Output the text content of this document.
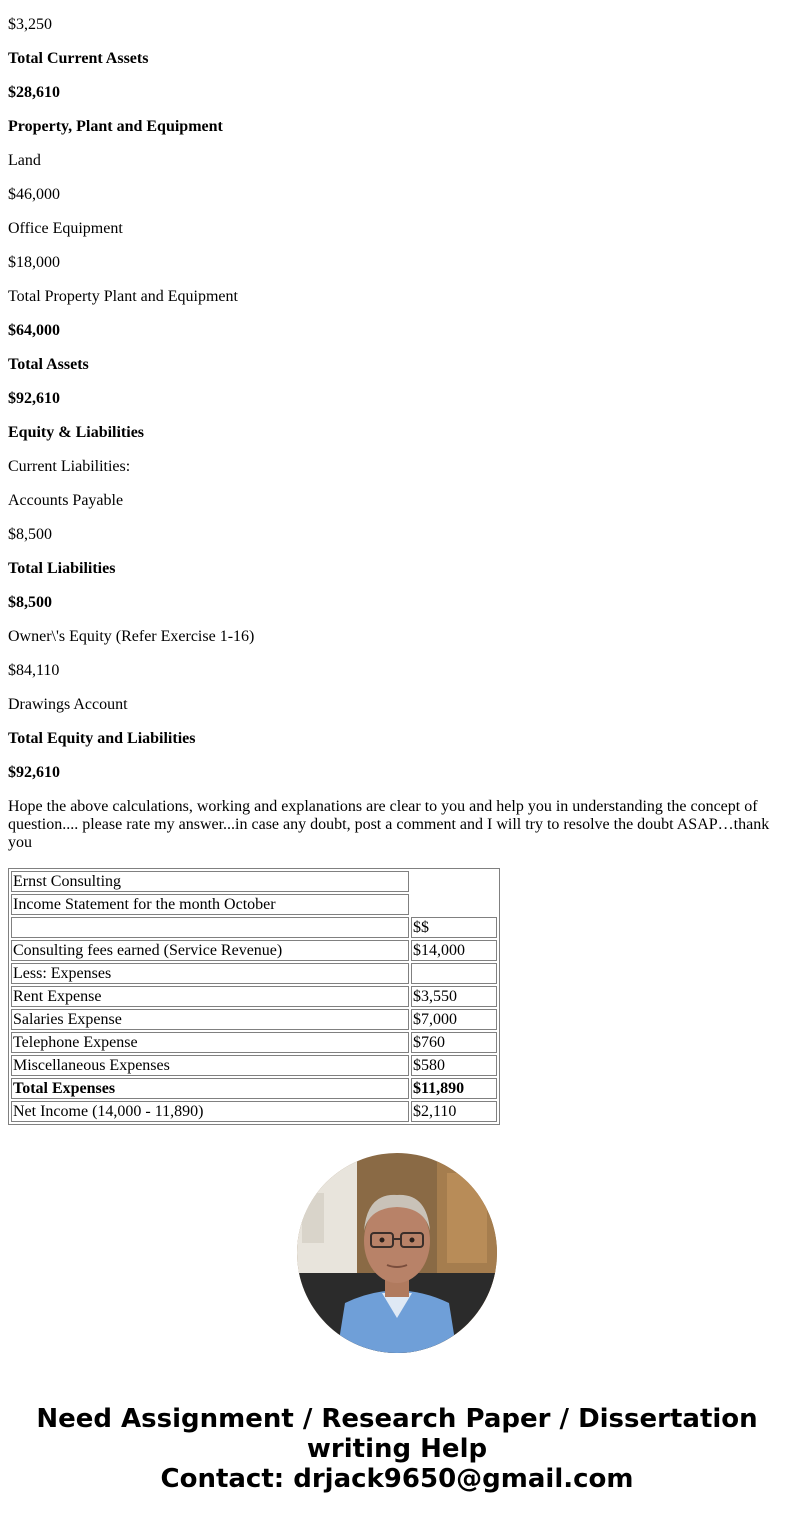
$3,250

Total Current Assets

$28,610

Property, Plant and Equipment

Land

$46,000

Office Equipment

$18,000

Total Property Plant and Equipment

$64,000

Total Assets

$92,610

Equity & Liabilities

Current Liabilities:

Accounts Payable

$8,500

Total Liabilities

$8,500

Owner\'s Equity (Refer Exercise 1-16)

$84,110

Drawings Account

Total Equity and Liabilities

$92,610

Hope the above calculations, working and explanations are clear to you and help you in understanding the concept of question.... please rate my answer...in case any doubt, post a comment and I will try to resolve the doubt ASAP…thank you

Ernst Consulting	
Income Statement for the month October	
	$$
Consulting fees earned (Service Revenue)	$14,000
Less: Expenses	
Rent Expense	$3,550
Salaries Expense	$7,000
Telephone Expense	$760
Miscellaneous Expenses	$580
Total Expenses	$11,890
Net Income (14,000 - 11,890)	$2,110
Need Assignment / Research Paper / Dissertation writing Help
Contact: drjack9650@gmail.com
